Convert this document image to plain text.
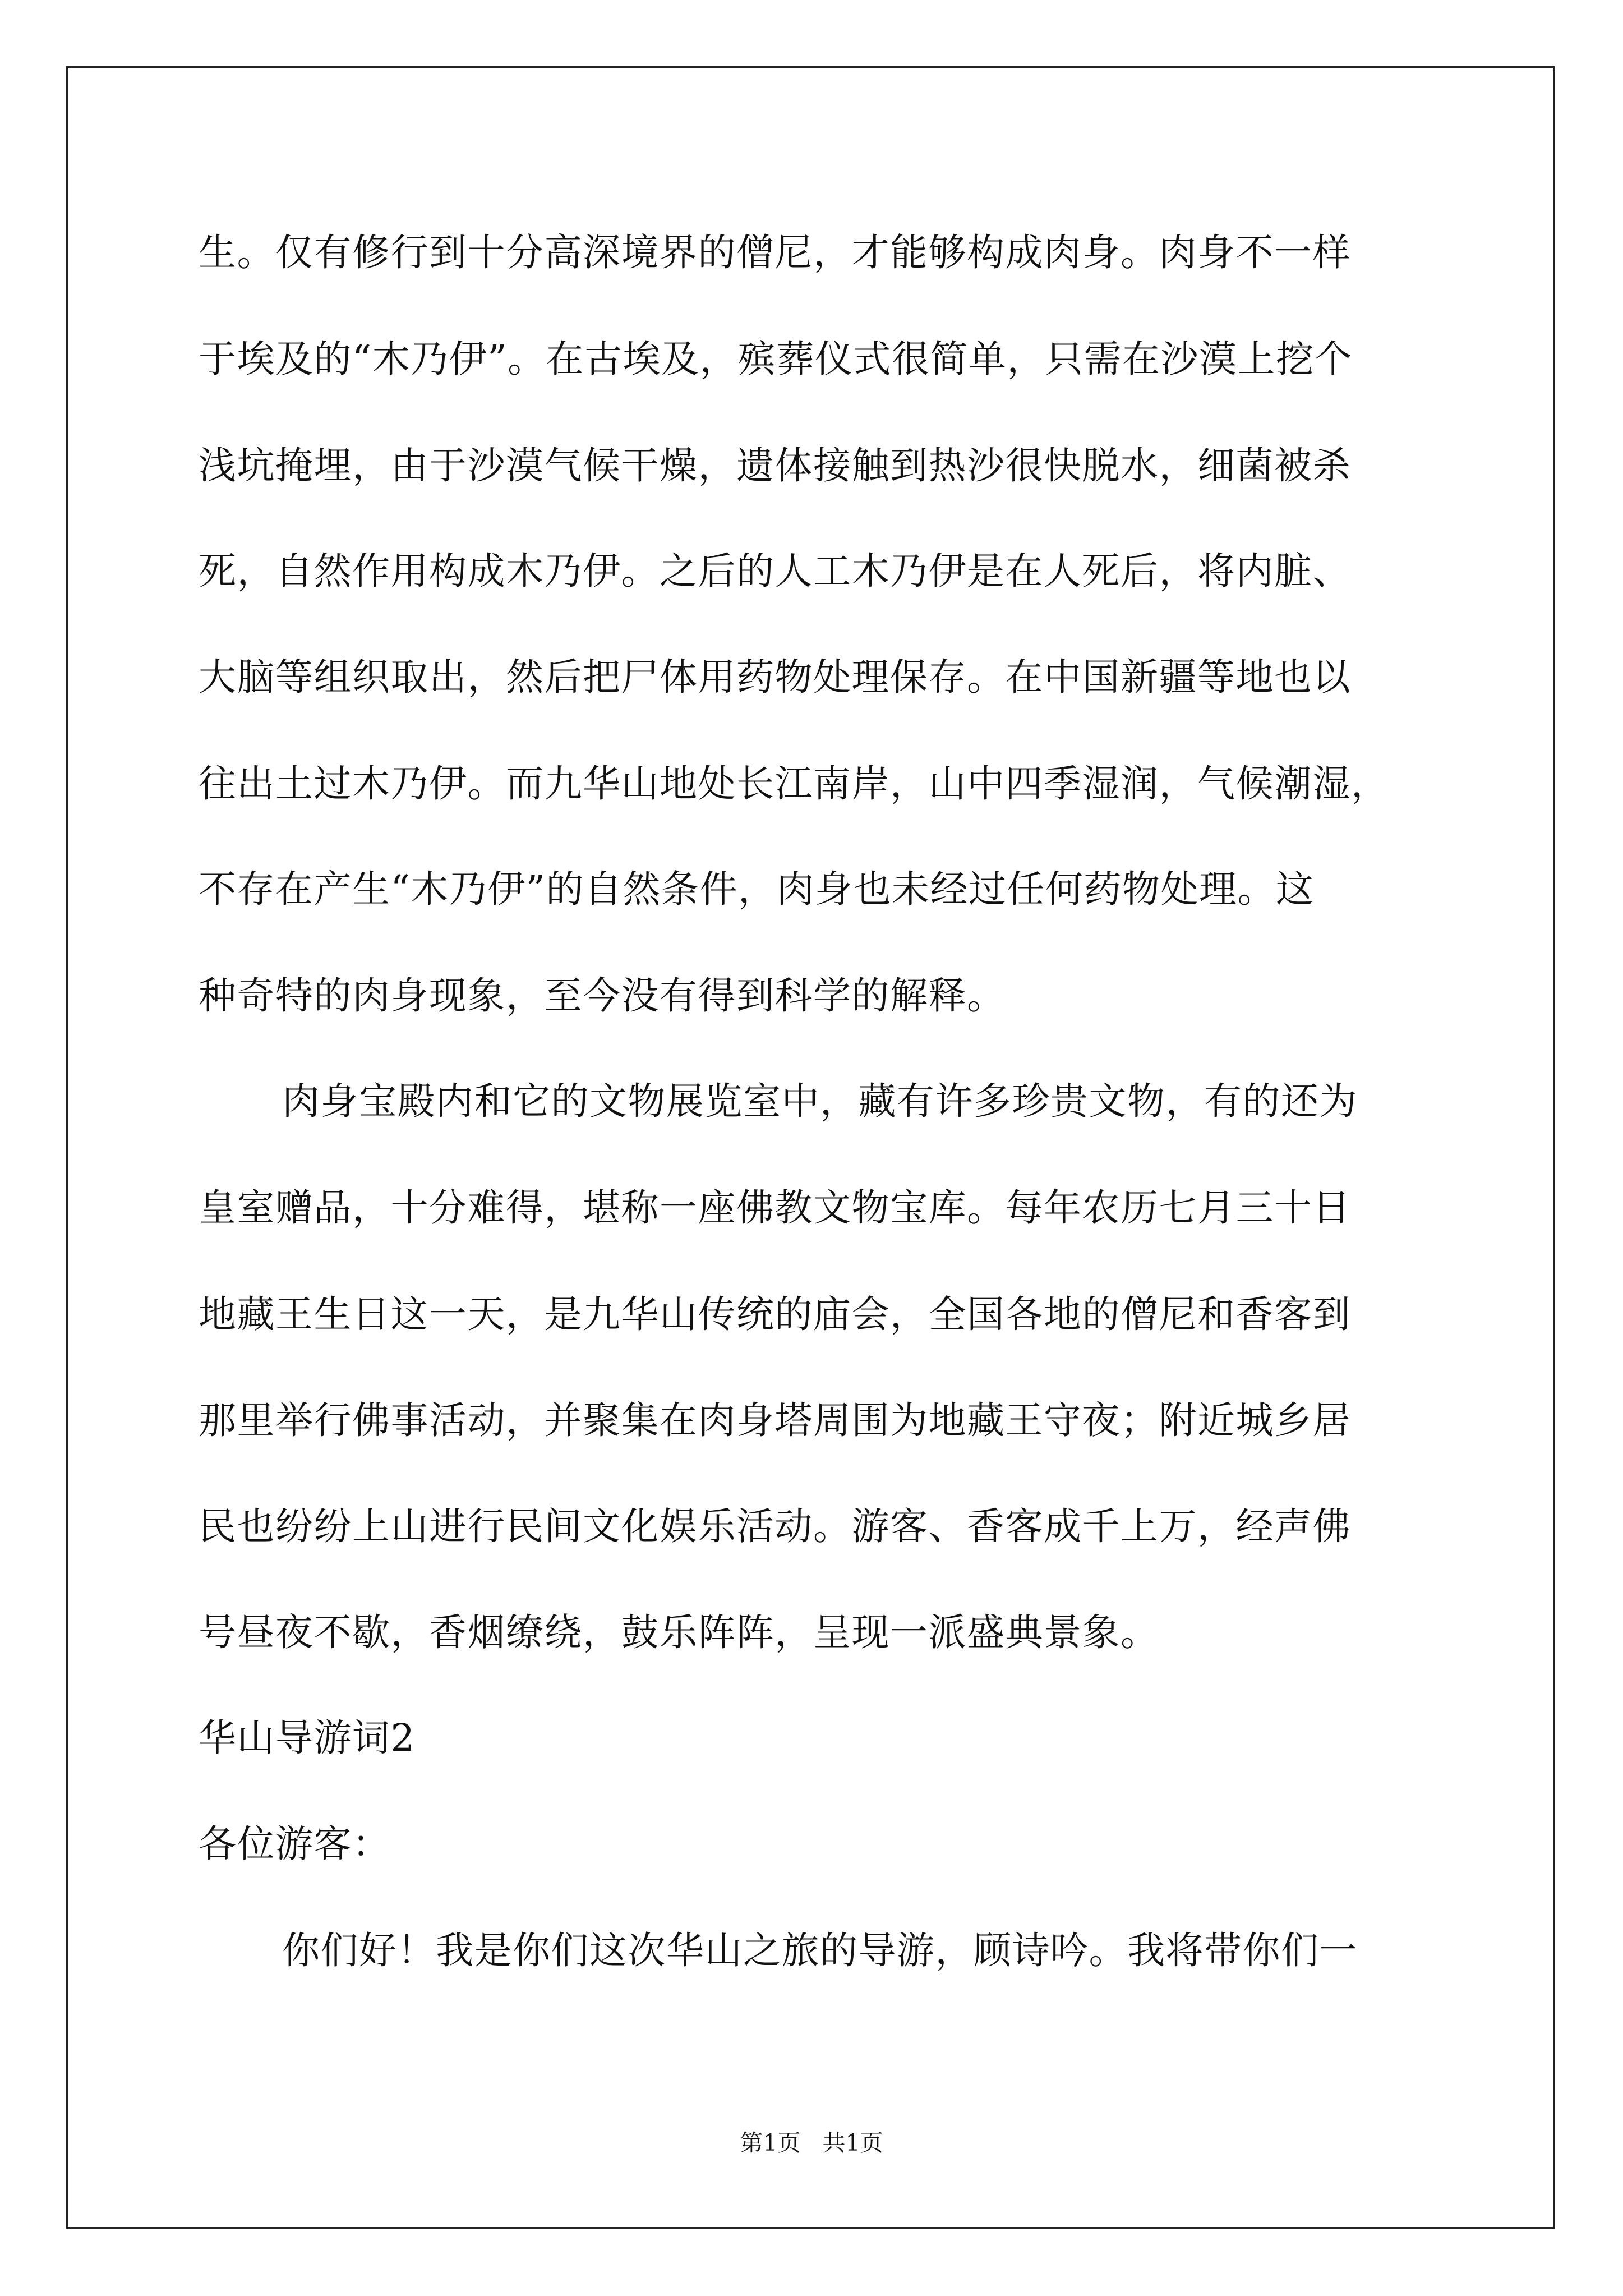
生。仅有修行到十分高深境界的僧尼，才能够构成肉身。肉身不一样
于埃及的“木乃伊”。在古埃及，殡葬仪式很简单，只需在沙漠上挖个
浅坑掩埋，由于沙漠气候干燥，遗体接触到热沙很快脱水，细菌被杀
死，自然作用构成木乃伊。之后的人工木乃伊是在人死后，将内脏、
大脑等组织取出，然后把尸体用药物处理保存。在中国新疆等地也以
往出土过木乃伊。而九华山地处长江南岸，山中四季湿润，气候潮湿，
不存在产生“木乃伊”的自然条件，肉身也未经过任何药物处理。这
种奇特的肉身现象，至今没有得到科学的解释。
肉身宝殿内和它的文物展览室中，藏有许多珍贵文物，有的还为
皇室赠品，十分难得，堪称一座佛教文物宝库。每年农历七月三十日
地藏王生日这一天，是九华山传统的庙会，全国各地的僧尼和香客到
那里举行佛事活动，并聚集在肉身塔周围为地藏王守夜；附近城乡居
民也纷纷上山进行民间文化娱乐活动。游客、香客成千上万，经声佛
号昼夜不歇，香烟缭绕，鼓乐阵阵，呈现一派盛典景象。
华山导游词2
各位游客：
你们好！我是你们这次华山之旅的导游，顾诗吟。我将带你们一
第1页   共1页
